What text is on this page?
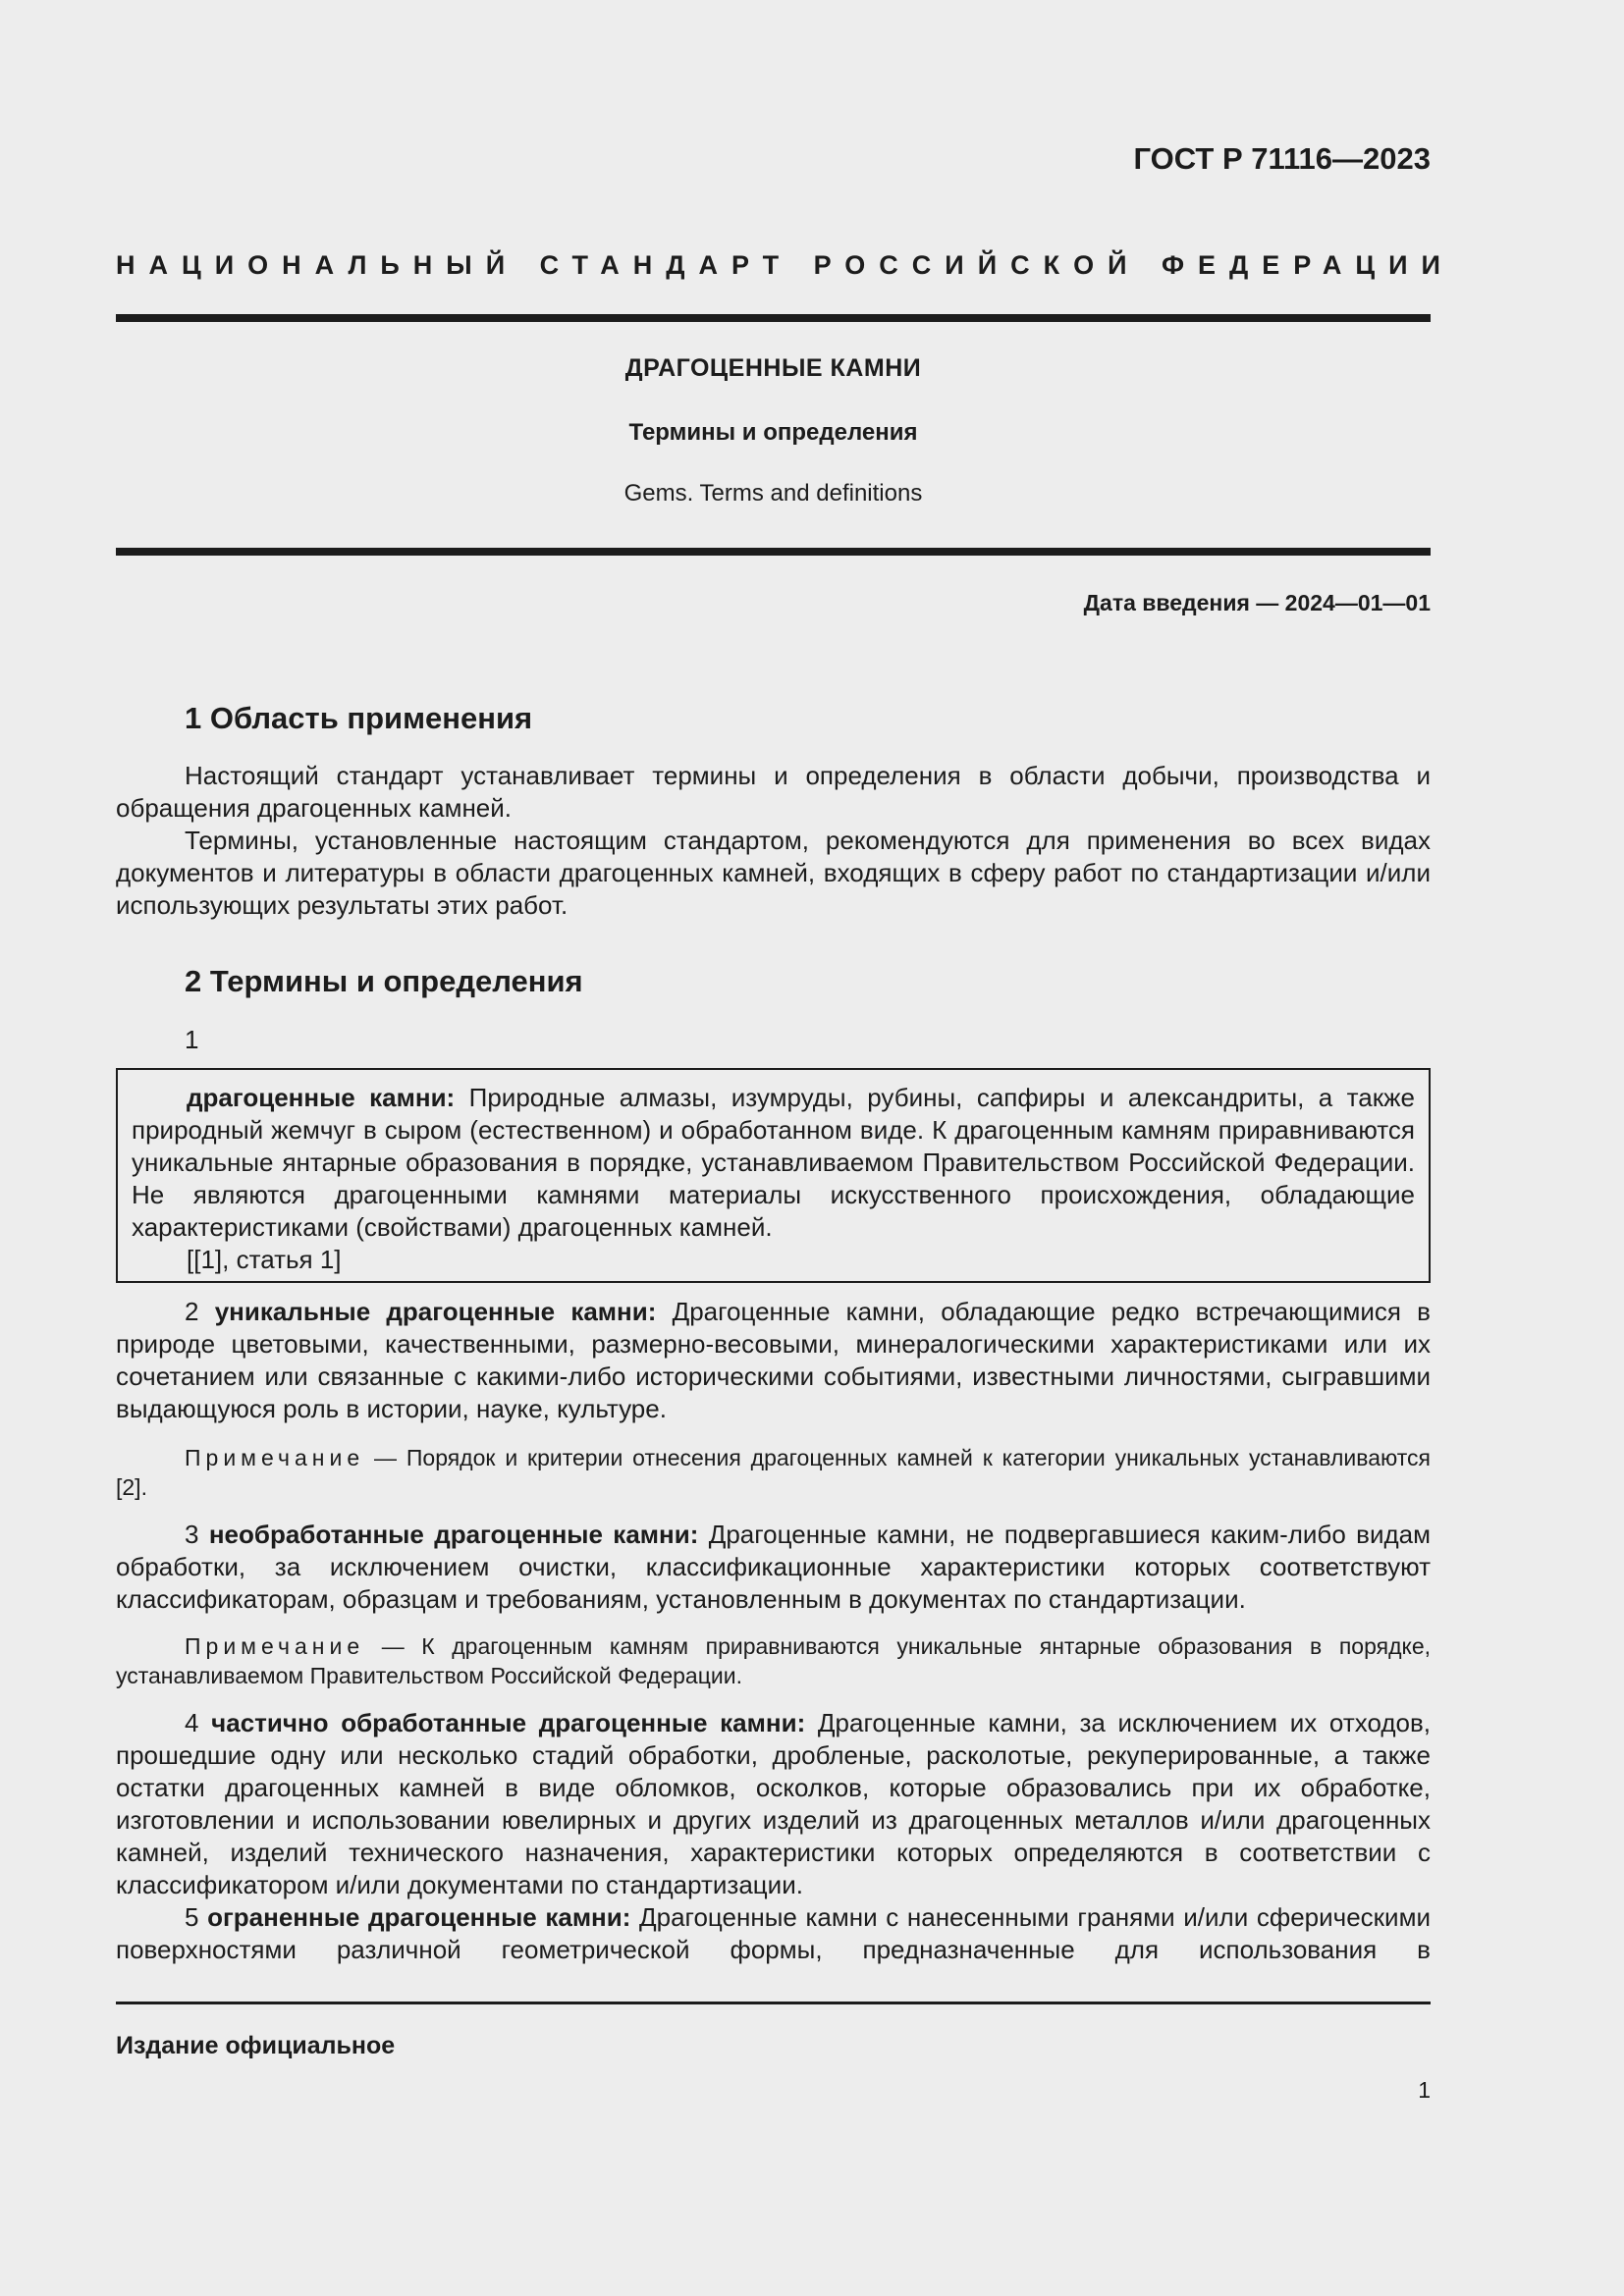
ГОСТ Р 71116—2023
НАЦИОНАЛЬНЫЙ СТАНДАРТ РОССИЙСКОЙ ФЕДЕРАЦИИ
ДРАГОЦЕННЫЕ КАМНИ
Термины и определения
Gems. Terms and definitions
Дата введения — 2024—01—01
1 Область применения

Настоящий стандарт устанавливает термины и определения в области добычи, производства и обращения драгоценных камней.

Термины, установленные настоящим стандартом, рекомендуются для применения во всех видах документов и литературы в области драгоценных камней, входящих в сферу работ по стандартизации и/или использующих результаты этих работ.

2 Термины и определения
1

драгоценные камни: Природные алмазы, изумруды, рубины, сапфиры и александриты, а также природный жемчуг в сыром (естественном) и обработанном виде. К драгоценным камням приравниваются уникальные янтарные образования в порядке, устанавливаемом Правительством Российской Федерации. Не являются драгоценными камнями материалы искусственного происхождения, обладающие характеристиками (свойствами) драгоценных камней.

[[1], статья 1]

2 уникальные драгоценные камни: Драгоценные камни, обладающие редко встречающимися в природе цветовыми, качественными, размерно-весовыми, минералогическими характеристиками или их сочетанием или связанные с какими-либо историческими событиями, известными личностями, сыгравшими выдающуюся роль в истории, науке, культуре.

Примечание — Порядок и критерии отнесения драгоценных камней к категории уникальных устанавливаются [2].

3 необработанные драгоценные камни: Драгоценные камни, не подвергавшиеся каким-либо видам обработки, за исключением очистки, классификационные характеристики которых соответствуют классификаторам, образцам и требованиям, установленным в документах по стандартизации.

Примечание — К драгоценным камням приравниваются уникальные янтарные образования в порядке, устанавливаемом Правительством Российской Федерации.

4 частично обработанные драгоценные камни: Драгоценные камни, за исключением их отходов, прошедшие одну или несколько стадий обработки, дробленые, расколотые, рекуперированные, а также остатки драгоценных камней в виде обломков, осколков, которые образовались при их обработке, изготовлении и использовании ювелирных и других изделий из драгоценных металлов и/или драгоценных камней, изделий технического назначения, характеристики которых определяются в соответствии с классификатором и/или документами по стандартизации.

5 ограненные драгоценные камни: Драгоценные камни с нанесенными гранями и/или сферическими поверхностями различной геометрической формы, предназначенные для использования в

Издание официальное
1
